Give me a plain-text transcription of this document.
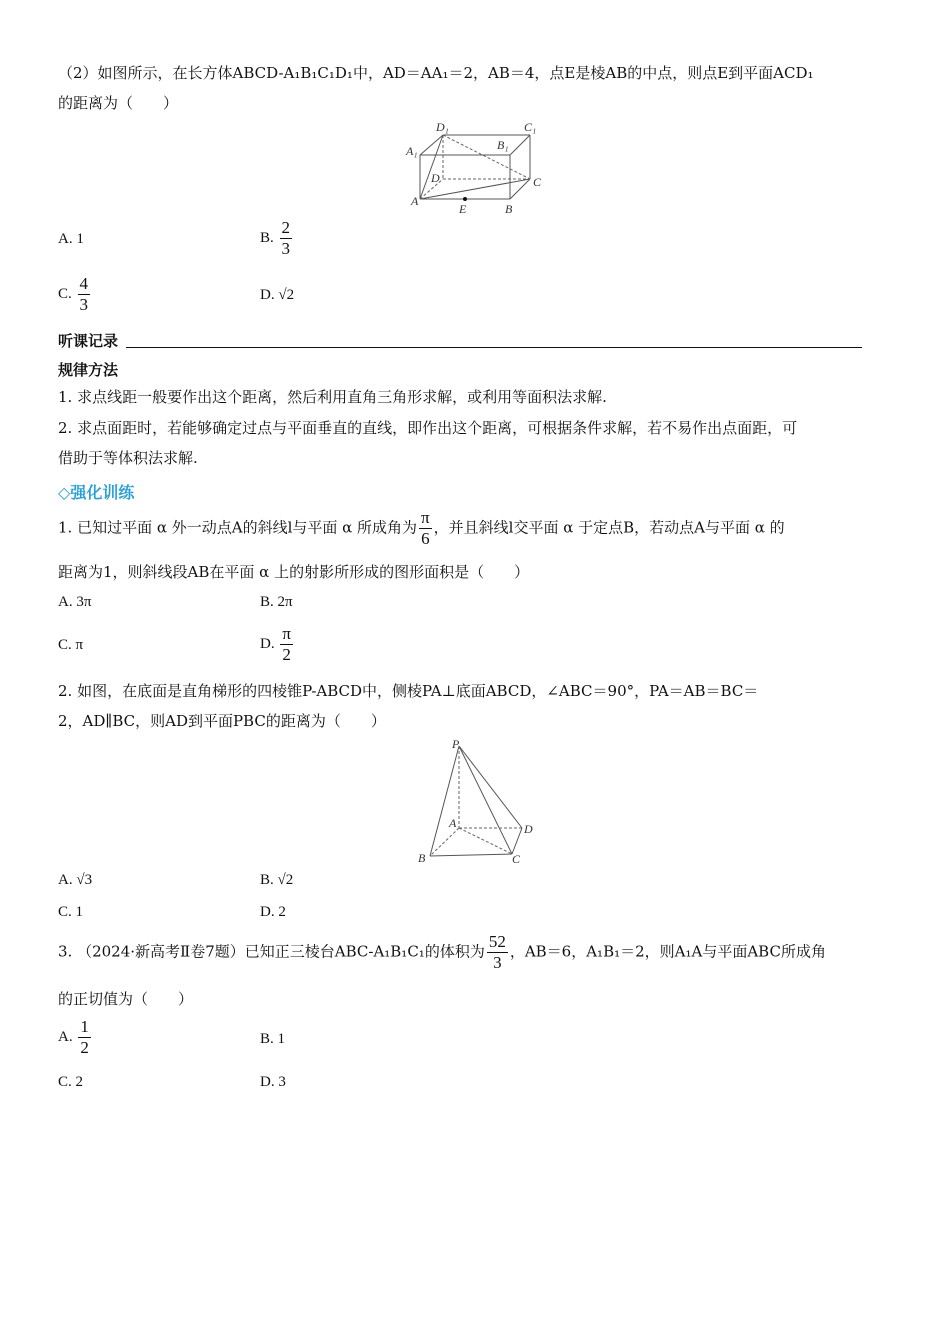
（2）如图所示，在长方体ABCD-A₁B₁C₁D₁中，AD＝AA₁＝2，AB＝4，点E是棱AB的中点，则点E到平面ACD₁
的距离为（　　）
D₁	C₁
A₁	B₁
D	C
A
E	B
A. 1	B. $\frac{2}{3}$
C. $\frac{4}{3}$	D. √2
听课记录
规律方法
1. 求点线距一般要作出这个距离，然后利用直角三角形求解，或利用等面积法求解.
2. 求点面距时，若能够确定过点与平面垂直的直线，即作出这个距离，可根据条件求解，若不易作出点面距，可
借助于等体积法求解.
◇强化训练
1. 已知过平面 α 外一动点A的斜线l与平面 α 所成角为 $\frac{\pi}{6}$ ，并且斜线l交平面 α 于定点B，若动点A与平面 α 的
距离为1，则斜线段AB在平面 α 上的射影所形成的图形面积是（　　）
A. 3π	B. 2π
C. π	D. $\frac{\pi}{2}$
2. 如图，在底面是直角梯形的四棱锥P-ABCD中，侧棱PA⊥底面ABCD，∠ABC＝90°，PA＝AB＝BC＝
2，AD∥BC，则AD到平面PBC的距离为（　　）
P
A	D
B	C
A. √3	B. √2
C. 1	D. 2
3. （2024·新高考Ⅱ卷7题）已知正三棱台ABC-A₁B₁C₁的体积为 $\frac{52}{3}$ ，AB＝6，A₁B₁＝2，则A₁A与平面ABC所成角
的正切值为（　　）
A. $\frac{1}{2}$	B. 1
C. 2	D. 3
